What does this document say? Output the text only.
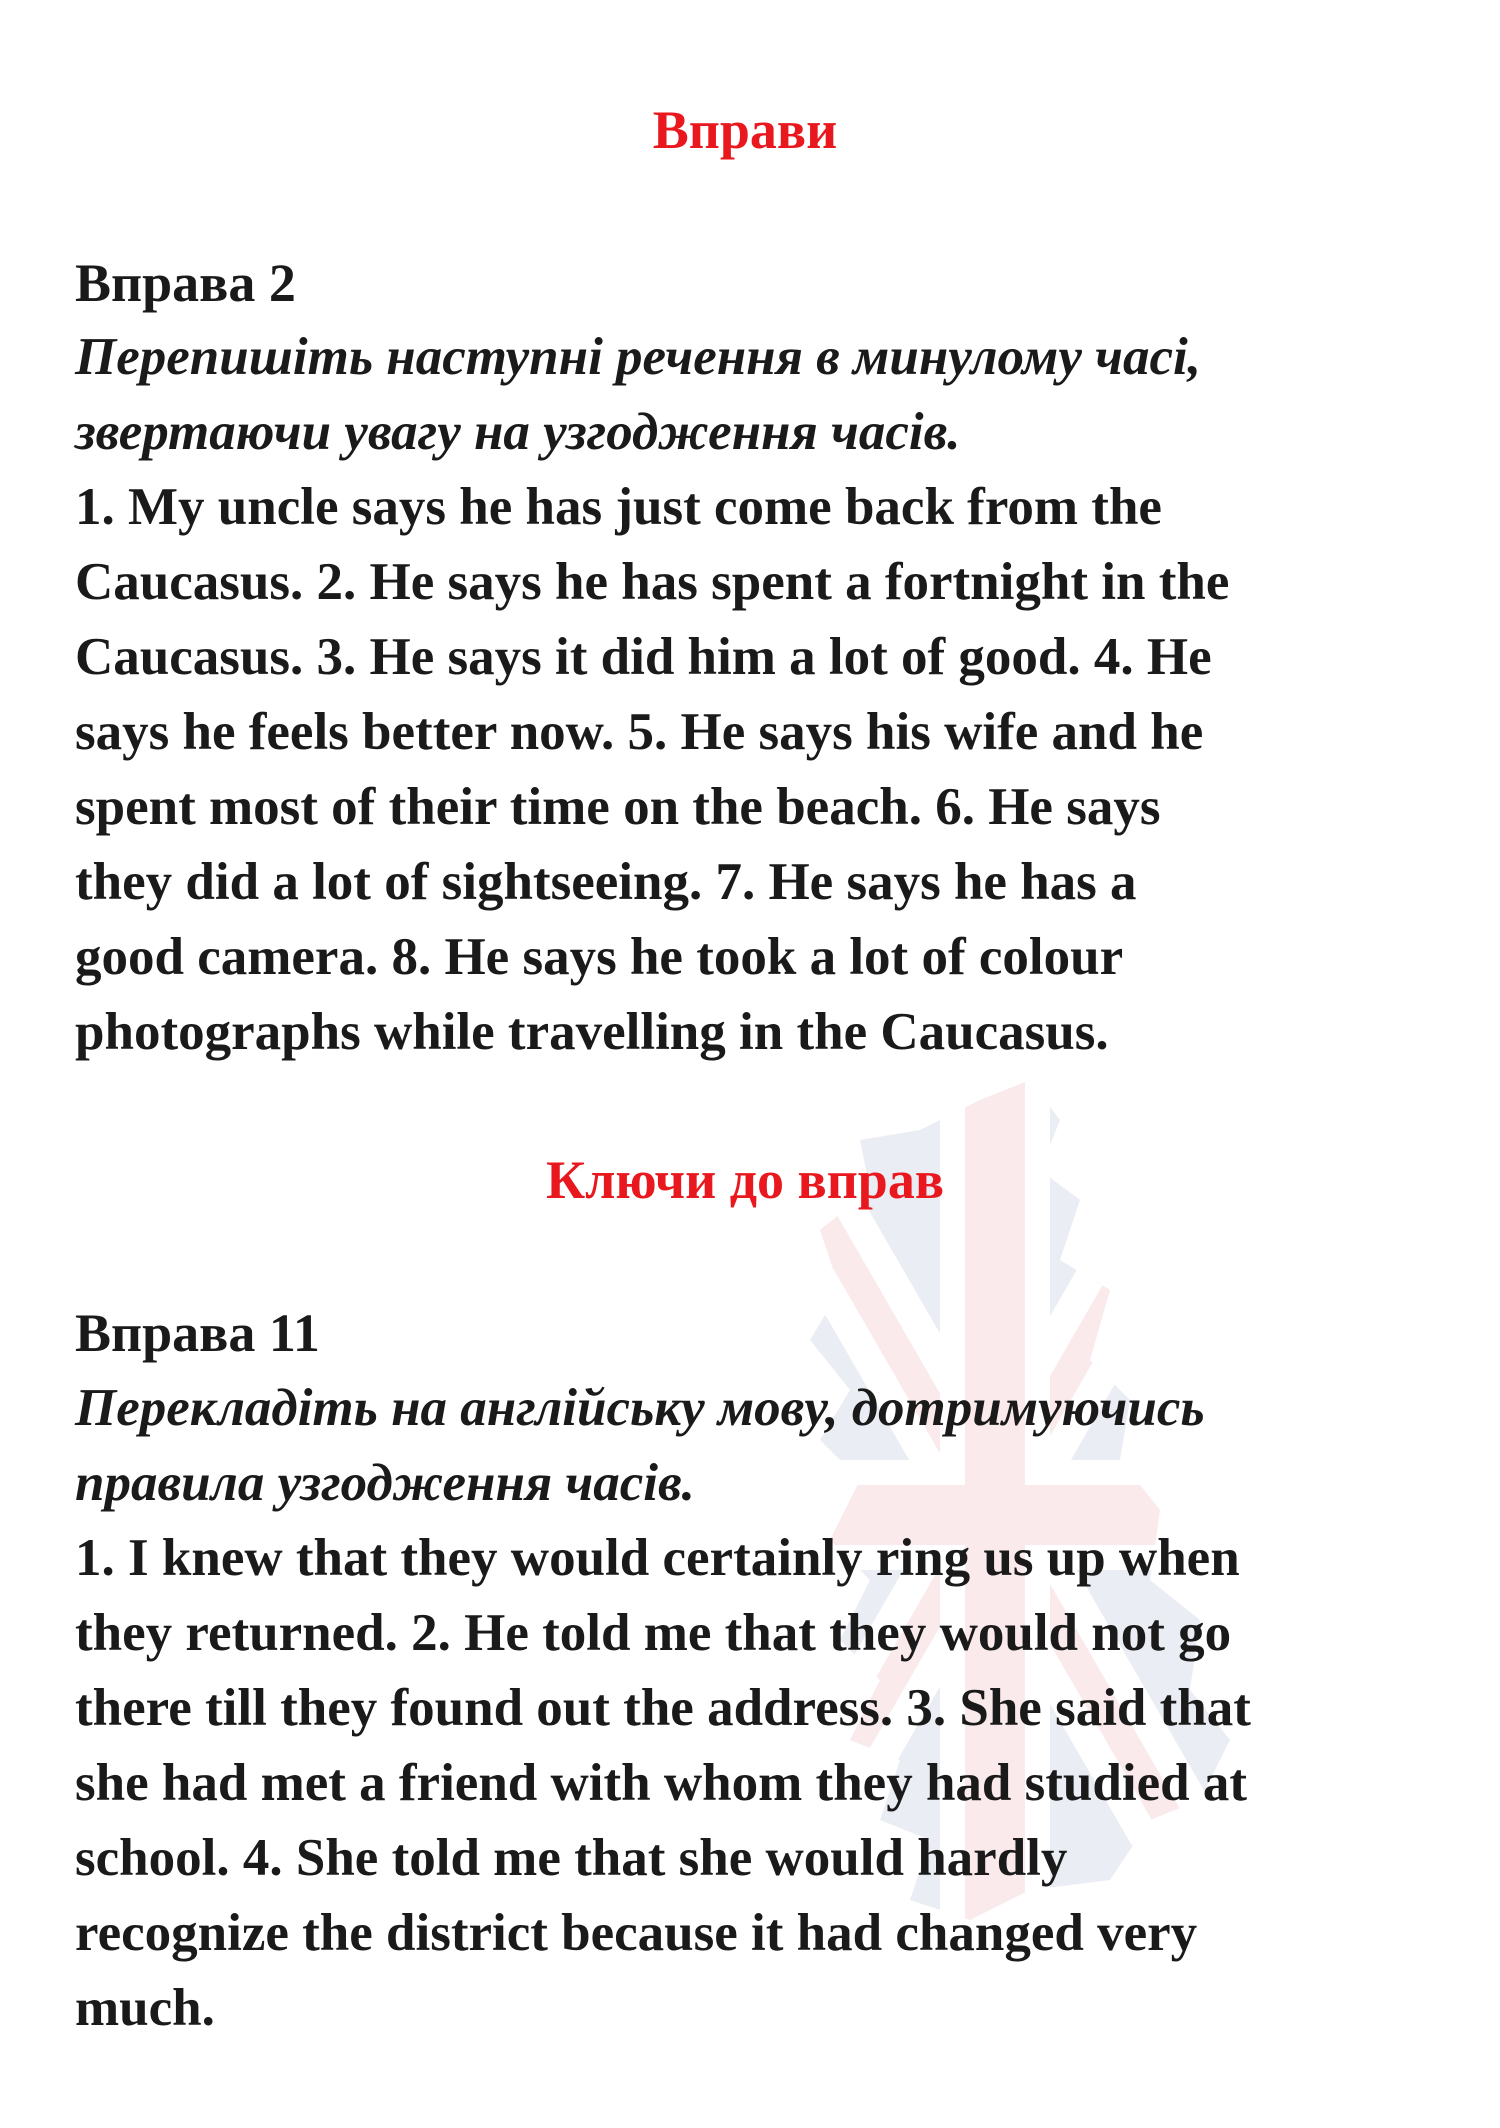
Вправи
Вправа 2
Перепишіть наступні речення в минулому часі,
звертаючи увагу на узгодження часів.
1. My uncle says he has just come back from the
Caucasus. 2. He says he has spent a fortnight in the
Caucasus. 3. He says it did him a lot of good. 4. He
says he feels better now. 5. He says his wife and he
spent most of their time on the beach. 6. He says
they did a lot of sightseeing. 7. He says he has a
good camera. 8. He says he took a lot of colour
photographs while travelling in the Caucasus.
Ключи до вправ
Вправа 11
Перекладіть на англійську мову, дотримуючись
правила узгодження часів.
1. I knew that they would certainly ring us up when
they returned. 2. He told me that they would not go
there till they found out the address. 3. She said that
she had met a friend with whom they had studied at
school. 4. She told me that she would hardly
recognize the district because it had changed very
much.
